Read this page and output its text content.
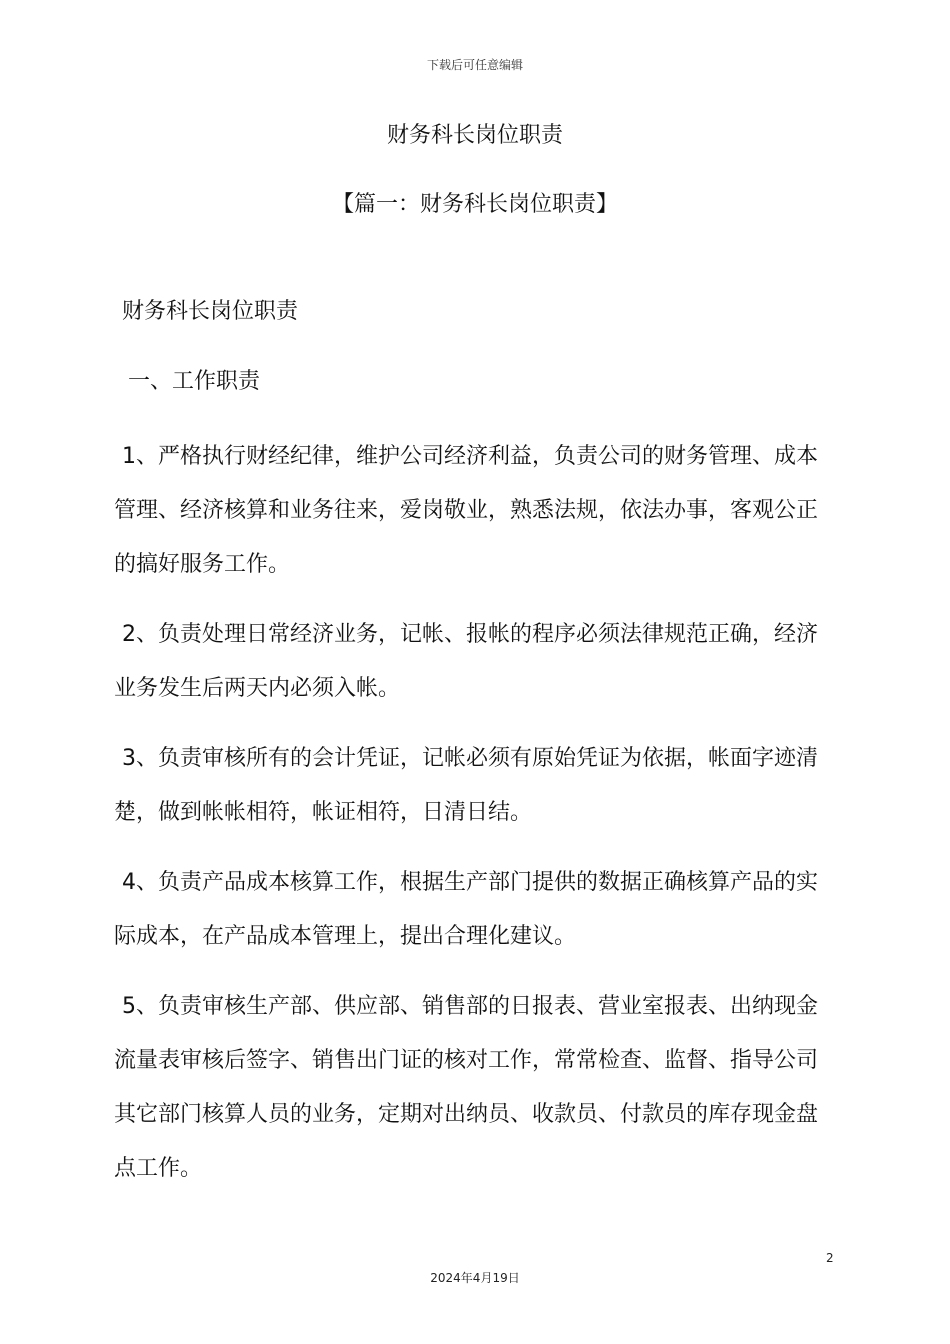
下载后可任意编辑
财务科长岗位职责
【篇一：财务科长岗位职责】
财务科长岗位职责
一、工作职责

1、严格执行财经纪律，维护公司经济利益，负责公司的财务管理、成本管理、经济核算和业务往来，爱岗敬业，熟悉法规，依法办事，客观公正的搞好服务工作。

2、负责处理日常经济业务，记帐、报帐的程序必须法律规范正确，经济业务发生后两天内必须入帐。

3、负责审核所有的会计凭证，记帐必须有原始凭证为依据，帐面字迹清楚，做到帐帐相符，帐证相符，日清日结。

4、负责产品成本核算工作，根据生产部门提供的数据正确核算产品的实际成本，在产品成本管理上，提出合理化建议。

5、负责审核生产部、供应部、销售部的日报表、营业室报表、出纳现金流量表审核后签字、销售出门证的核对工作，常常检查、监督、指导公司其它部门核算人员的业务，定期对出纳员、收款员、付款员的库存现金盘点工作。

2
2024年4月19日
